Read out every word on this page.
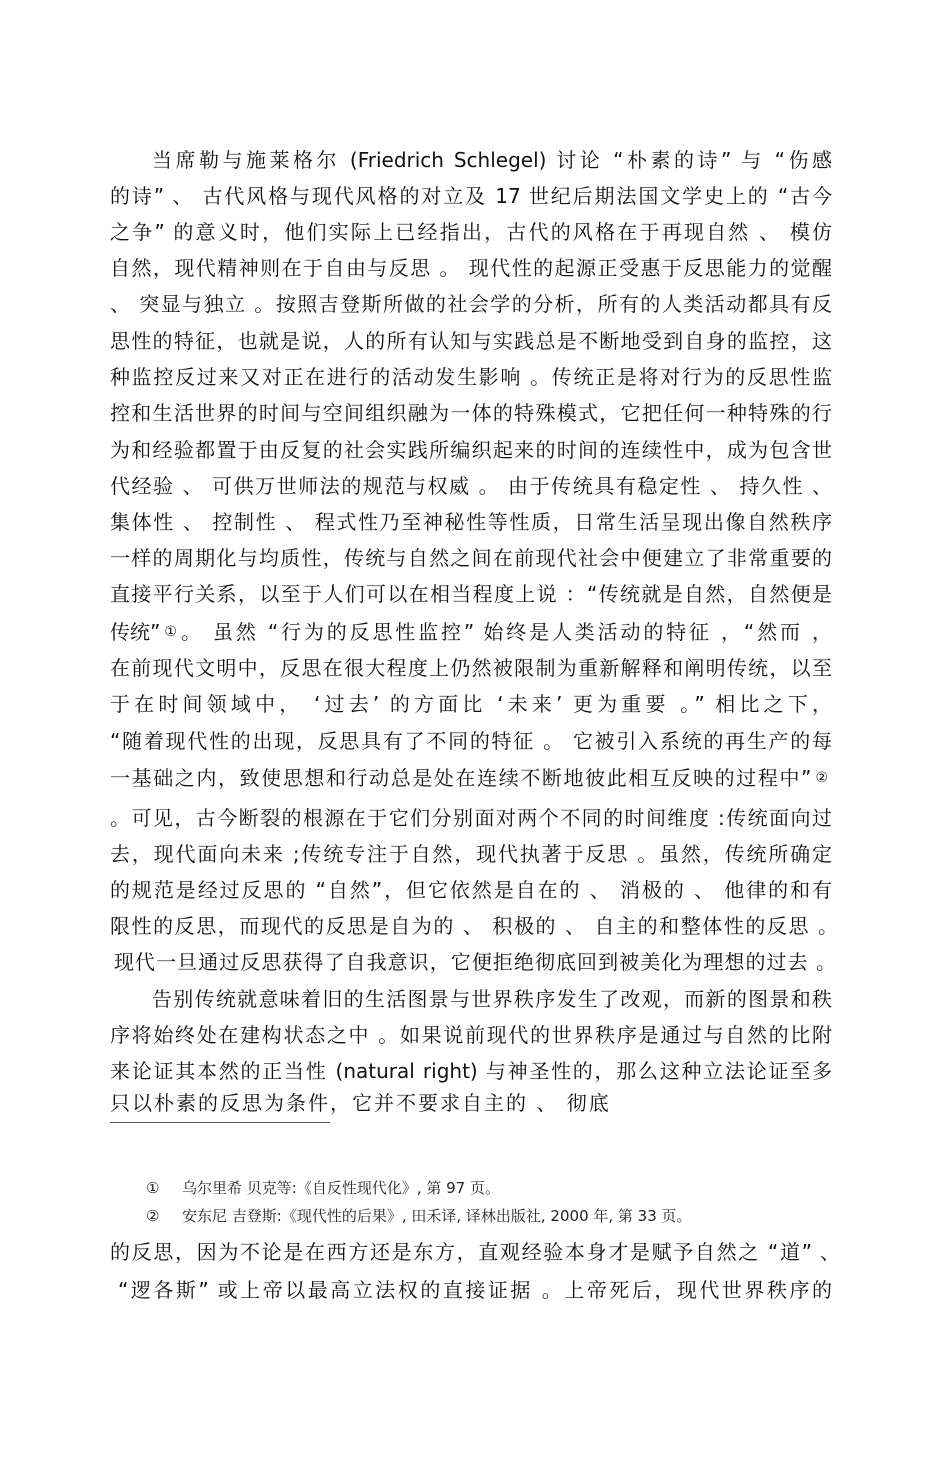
当席勒与施莱格尔 (Friedrich Schlegel) 讨论 “朴素的诗” 与 “伤感
的诗” 、 古代风格与现代风格的对立及 17 世纪后期法国文学史上的 “古今
之争” 的意义时，他们实际上已经指出，古代的风格在于再现自然 、 模仿
自然，现代精神则在于自由与反思 。 现代性的起源正受惠于反思能力的觉醒
、 突显与独立 。按照吉登斯所做的社会学的分析，所有的人类活动都具有反
思性的特征，也就是说，人的所有认知与实践总是不断地受到自身的监控，这
种监控反过来又对正在进行的活动发生影响 。传统正是将对行为的反思性监
控和生活世界的时间与空间组织融为一体的特殊模式，它把任何一种特殊的行
为和经验都置于由反复的社会实践所编织起来的时间的连续性中，成为包含世
代经验 、 可供万世师法的规范与权威 。 由于传统具有稳定性 、 持久性 、
集体性 、 控制性 、 程式性乃至神秘性等性质，日常生活呈现出像自然秩序
一样的周期化与均质性，传统与自然之间在前现代社会中便建立了非常重要的
直接平行关系，以至于人们可以在相当程度上说 ：“传统就是自然，自然便是
传统” ① 。 虽然 “行为的反思性监控” 始终是人类活动的特征 ，“然而 ，
在前现代文明中，反思在很大程度上仍然被限制为重新解释和阐明传统，以至
于在时间领域中， ‘过去’ 的方面比 ‘未来’ 更为重要 。” 相比之下，
“随着现代性的出现，反思具有了不同的特征 。 它被引入系统的再生产的每
一基础之内，致使思想和行动总是处在连续不断地彼此相互反映的过程中” ②
。可见，古今断裂的根源在于它们分别面对两个不同的时间维度 :传统面向过
去，现代面向未来 ;传统专注于自然，现代执著于反思 。虽然，传统所确定
的规范是经过反思的 “自然”，但它依然是自在的 、 消极的 、 他律的和有
限性的反思，而现代的反思是自为的 、 积极的 、 自主的和整体性的反思 。
现代一旦通过反思获得了自我意识，它便拒绝彻底回到被美化为理想的过去 。
告别传统就意味着旧的生活图景与世界秩序发生了改观，而新的图景和秩
序将始终处在建构状态之中 。如果说前现代的世界秩序是通过与自然的比附
来论证其本然的正当性 (natural right) 与神圣性的，那么这种立法论证至多
只以朴素的反思为条件，它并不要求自主的 、 彻底
① 乌尔里希 贝克等:《自反性现代化》, 第 97 页。
② 安东尼 吉登斯:《现代性的后果》, 田禾译, 译林出版社, 2000 年, 第 33 页。
的反思，因为不论是在西方还是东方，直观经验本身才是赋予自然之 “道” 、
“逻各斯” 或上帝以最高立法权的直接证据 。上帝死后，现代世界秩序的
